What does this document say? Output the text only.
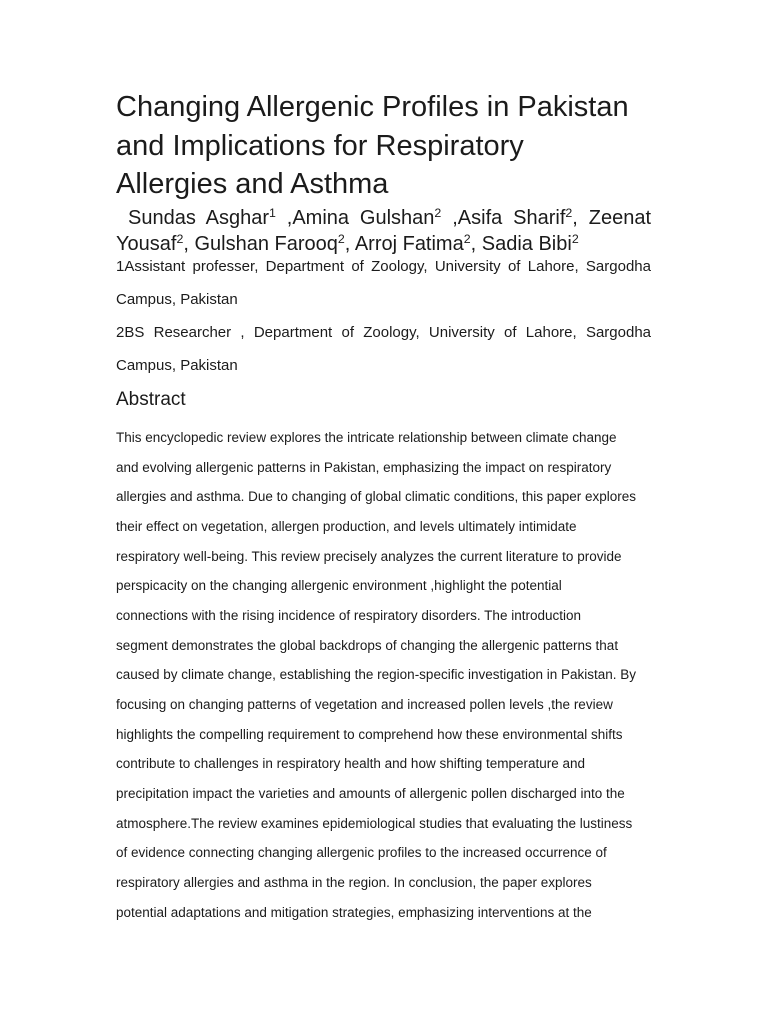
Changing Allergenic Profiles in Pakistan
and Implications for Respiratory
Allergies and Asthma

Sundas Asghar$^1$ ,Amina Gulshan$^2$ ,Asifa Sharif$^2$, Zeenat Yousaf$^2$, Gulshan Farooq$^2$, Arroj Fatima$^2$, Sadia Bibi$^2$

1Assistant professer, Department of Zoology, University of Lahore, Sargodha Campus, Pakistan

2BS Researcher , Department of Zoology, University of Lahore, Sargodha Campus, Pakistan

Abstract
This encyclopedic review explores the intricate relationship between climate change
and evolving allergenic patterns in Pakistan, emphasizing the impact on respiratory
allergies and asthma. Due to changing of global climatic conditions, this paper explores
their effect on vegetation, allergen production, and levels ultimately intimidate
respiratory well-being. This review precisely analyzes the current literature to provide
perspicacity on the changing allergenic environment ,highlight the potential
connections with the rising incidence of respiratory disorders. The introduction
segment demonstrates the global backdrops of changing the allergenic patterns that
caused by climate change, establishing the region-specific investigation in Pakistan. By
focusing on changing patterns of vegetation and increased pollen levels ,the review
highlights the compelling requirement to comprehend how these environmental shifts
contribute to challenges in respiratory health and how shifting temperature and
precipitation impact the varieties and amounts of allergenic pollen discharged into the
atmosphere.The review examines epidemiological studies that evaluating the lustiness
of evidence connecting changing allergenic profiles to the increased occurrence of
respiratory allergies and asthma in the region. In conclusion, the paper explores
potential adaptations and mitigation strategies, emphasizing interventions at the
